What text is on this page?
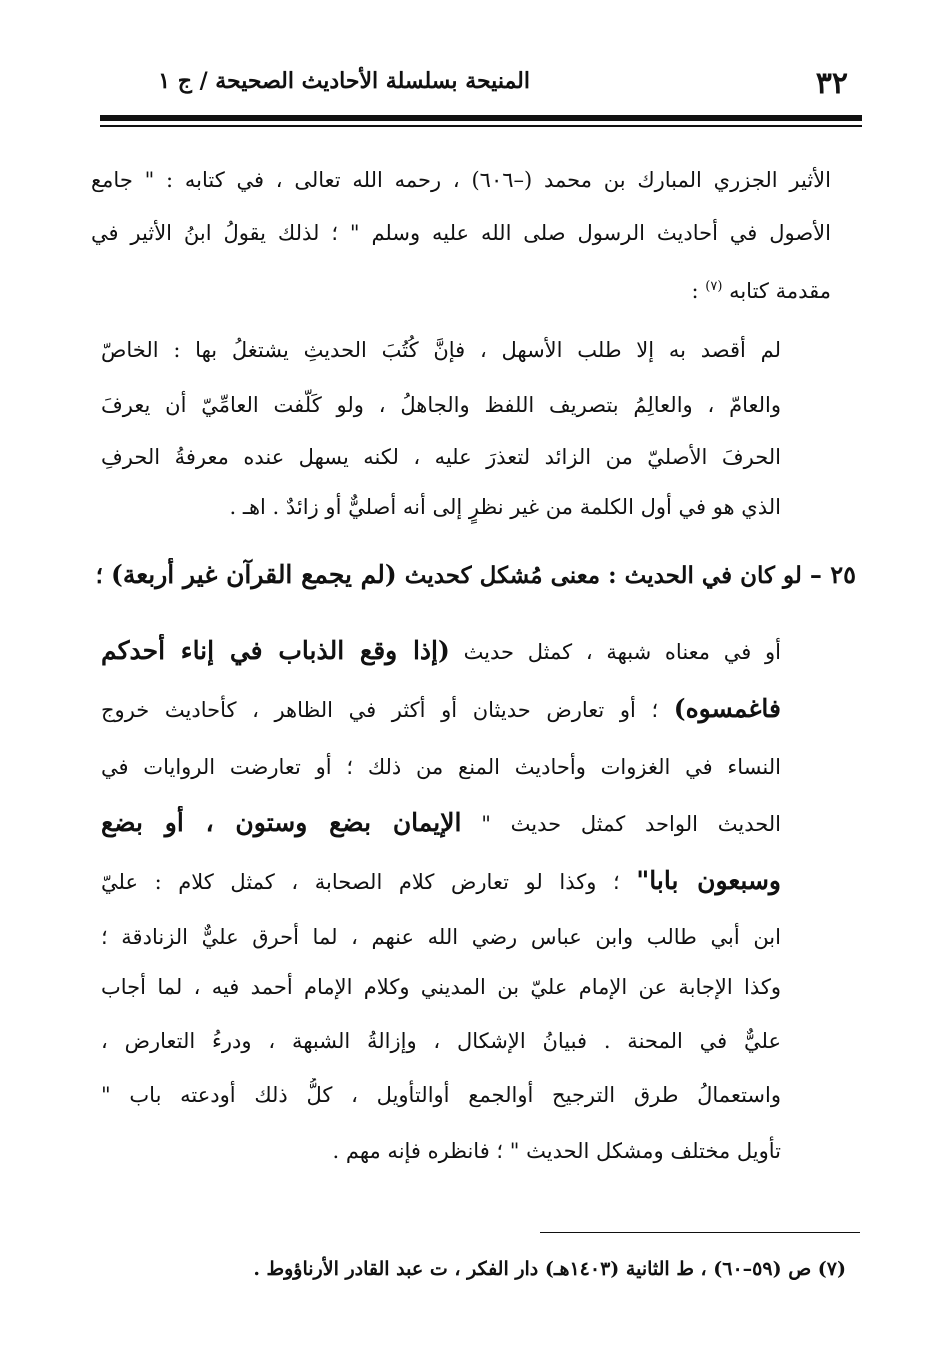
٣٢
المنيحة بسلسلة الأحاديث الصحيحة / ج ١
الأثير الجزري المبارك بن محمد (–٦٠٦) ، رحمه الله تعالى ، في كتابه : " جامع
الأصول في أحاديث الرسول صلى الله عليه وسلم " ؛ لذلك يقولُ ابنُ الأثير في
مقدمة كتابه $^{(٧)}$ :
لم أقصد به إلا طلب الأسهل ، فإنَّ كُتُبَ الحديثِ يشتغلُ بها : الخاصّ
والعامّ ، والعالِمُ بتصريف اللفظ والجاهلُ ، ولو كَلّفت العامِّيّ أن يعرفَ
الحرفَ الأصليّ من الزائد لتعذرَ عليه ، لكنه يسهل عنده معرفةُ الحرفِ
الذي هو في أول الكلمة من غير نظرٍ إلى أنه أصليٌّ أو زائدٌ . اهـ .
٢٥ – لو كان في الحديث : معنى مُشكل كحديث (لم يجمع القرآن غير أربعة) ؛
أو في معناه شبهة ، كمثل حديث (إذا وقع الذباب في إناء أحدكم
فاغمسوه) ؛ أو تعارض حديثان أو أكثر في الظاهر ، كأحاديث خروج
النساء في الغزوات وأحاديث المنع من ذلك ؛ أو تعارضت الروايات في
الحديث الواحد كمثل حديث " الإيمان بضع وستون ، أو بضع
وسبعون بابا" ؛ وكذا لو تعارض كلام الصحابة ، كمثل كلام : عليّ
ابن أبي طالب وابن عباس رضي الله عنهم ، لما أحرق عليٌّ الزنادقة ؛
وكذا الإجابة عن الإمام عليّ بن المديني وكلام الإمام أحمد فيه ، لما أجاب
عليٌّ في المحنة . فبيانُ الإشكال ، وإزالةُ الشبهة ، ودرءُ التعارض ،
واستعمالُ طرق الترجيح أوالجمع أوالتأويل ، كلُّ ذلك أودعته باب "
تأويل مختلف ومشكل الحديث " ؛ فانظره فإنه مهم .
(٧) ص (٥٩–٦٠) ، ط الثانية (١٤٠٣هـ) دار الفكر ، ت عبد القادر الأرناؤوط .
